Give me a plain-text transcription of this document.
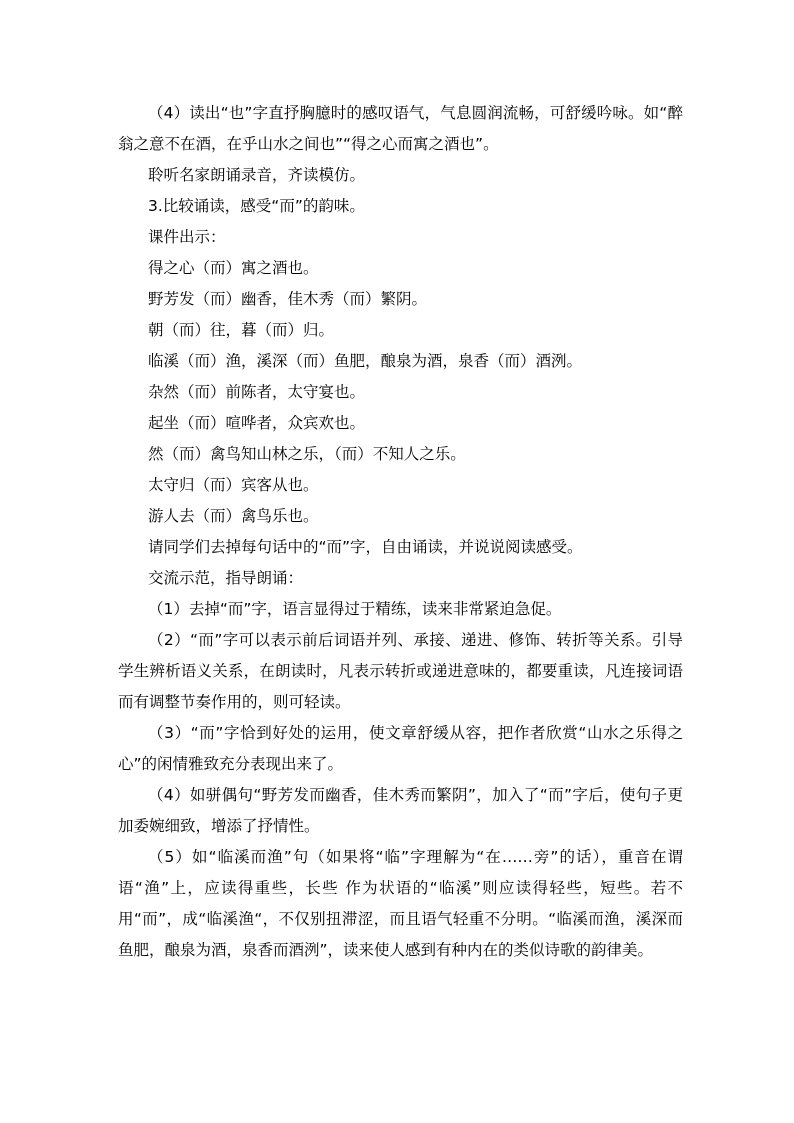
（4）读出“也”字直抒胸臆时的感叹语气，气息圆润流畅，可舒缓吟咏。如“醉翁之意不在酒，在乎山水之间也”“得之心而寓之酒也”。

聆听名家朗诵录音，齐读模仿。

3.比较诵读，感受“而”的韵味。

课件出示：

得之心（而）寓之酒也。

野芳发（而）幽香，佳木秀（而）繁阴。

朝（而）往，暮（而）归。

临溪（而）渔，溪深（而）鱼肥，酿泉为酒，泉香（而）酒洌。

杂然（而）前陈者，太守宴也。

起坐（而）喧哗者，众宾欢也。

然（而）禽鸟知山林之乐，（而）不知人之乐。

太守归（而）宾客从也。

游人去（而）禽鸟乐也。

请同学们去掉每句话中的“而”字，自由诵读，并说说阅读感受。

交流示范，指导朗诵：

（1）去掉“而”字，语言显得过于精练，读来非常紧迫急促。

（2）“而”字可以表示前后词语并列、承接、递进、修饰、转折等关系。引导学生辨析语义关系，在朗读时，凡表示转折或递进意味的，都要重读，凡连接词语而有调整节奏作用的，则可轻读。

（3）“而”字恰到好处的运用，使文章舒缓从容，把作者欣赏“山水之乐得之心”的闲情雅致充分表现出来了。

（4）如骈偶句“野芳发而幽香，佳木秀而繁阴”，加入了“而”字后，使句子更加委婉细致，增添了抒情性。

（5）如“临溪而渔”句（如果将“临”字理解为“在……旁”的话），重音在谓语“渔”上，应读得重些，长些 作为状语的“临溪”则应读得轻些，短些。若不用“而”，成“临溪渔“，不仅别扭滞涩，而且语气轻重不分明。“临溪而渔，溪深而鱼肥，酿泉为酒，泉香而酒洌”，读来使人感到有种内在的类似诗歌的韵律美。
